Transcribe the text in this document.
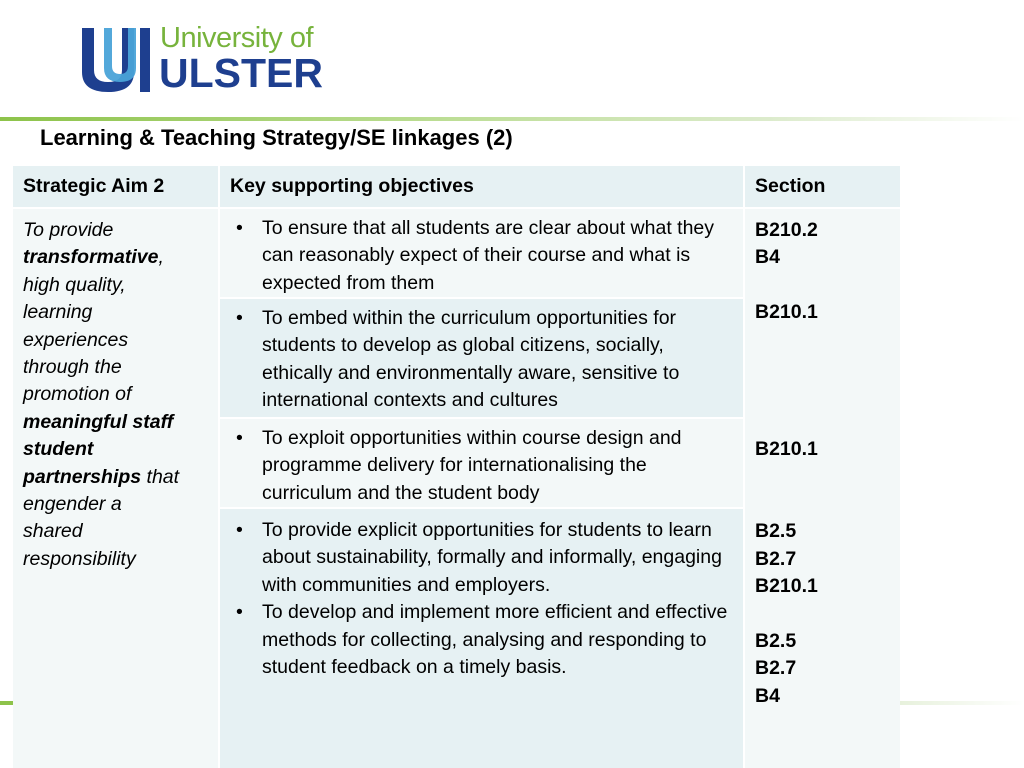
University of
ULSTER
Learning & Teaching Strategy/SE linkages (2)
Strategic Aim 2	Key supporting objectives	Section
To provide
transformative,
high quality,
learning
experiences
through the
promotion of
meaningful staff
student
partnerships that
engender a
shared
responsibility
• To ensure that all students are clear about what they can reasonably expect of their course and what is expected from them
• To embed within the curriculum opportunities for students to develop as global citizens, socially, ethically and environmentally aware, sensitive to international contexts and cultures
• To exploit opportunities within course design and programme delivery for internationalising the curriculum and the student body
• To provide explicit opportunities for students to learn about sustainability, formally and informally, engaging with communities and employers.
• To develop and implement more efficient and effective methods for collecting, analysing and responding to student feedback on a timely basis.
B210.2
B4
B210.1
B210.1
B2.5
B2.7
B210.1
B2.5
B2.7
B4
